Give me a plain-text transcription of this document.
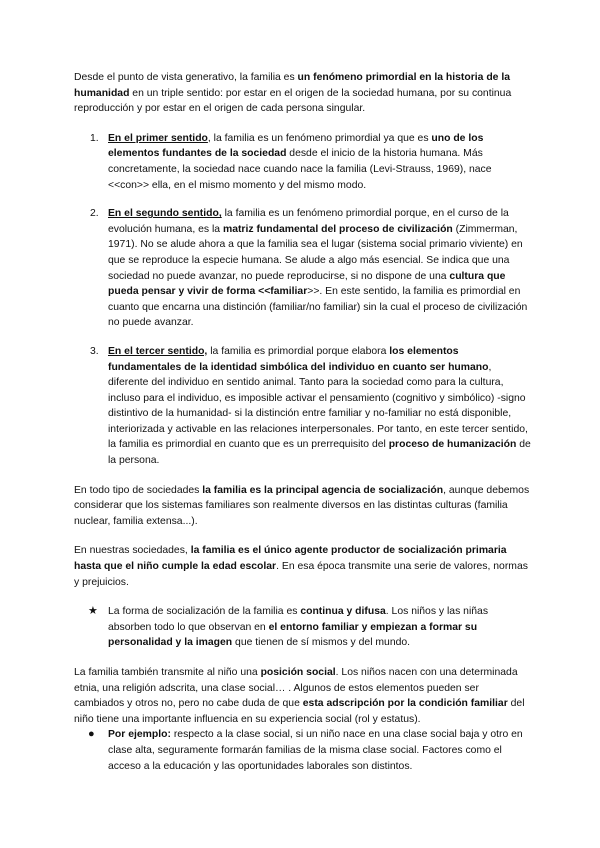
Desde el punto de vista generativo, la familia es un fenómeno primordial en la historia de la humanidad en un triple sentido: por estar en el origen de la sociedad humana, por su continua reproducción y por estar en el origen de cada persona singular.

1. En el primer sentido, la familia es un fenómeno primordial ya que es uno de los elementos fundantes de la sociedad desde el inicio de la historia humana. Más concretamente, la sociedad nace cuando nace la familia (Levi-Strauss, 1969), nace <<con>> ella, en el mismo momento y del mismo modo.

2. En el segundo sentido, la familia es un fenómeno primordial porque, en el curso de la evolución humana, es la matriz fundamental del proceso de civilización (Zimmerman, 1971). No se alude ahora a que la familia sea el lugar (sistema social primario viviente) en que se reproduce la especie humana. Se alude a algo más esencial. Se indica que una sociedad no puede avanzar, no puede reproducirse, si no dispone de una cultura que pueda pensar y vivir de forma <<familiar>>. En este sentido, la familia es primordial en cuanto que encarna una distinción (familiar/no familiar) sin la cual el proceso de civilización no puede avanzar.

3. En el tercer sentido, la familia es primordial porque elabora los elementos fundamentales de la identidad simbólica del individuo en cuanto ser humano, diferente del individuo en sentido animal. Tanto para la sociedad como para la cultura, incluso para el individuo, es imposible activar el pensamiento (cognitivo y simbólico) -signo distintivo de la humanidad- si la distinción entre familiar y no-familiar no está disponible, interiorizada y activable en las relaciones interpersonales. Por tanto, en este tercer sentido, la familia es primordial en cuanto que es un prerrequisito del proceso de humanización de la persona.

En todo tipo de sociedades la familia es la principal agencia de socialización, aunque debemos considerar que los sistemas familiares son realmente diversos en las distintas culturas (familia nuclear, familia extensa...).

En nuestras sociedades, la familia es el único agente productor de socialización primaria hasta que el niño cumple la edad escolar. En esa época transmite una serie de valores, normas y prejuicios.

★ La forma de socialización de la familia es continua y difusa. Los niños y las niñas absorben todo lo que observan en el entorno familiar y empiezan a formar su personalidad y la imagen que tienen de sí mismos y del mundo.

La familia también transmite al niño una posición social. Los niños nacen con una determinada etnia, una religión adscrita, una clase social… . Algunos de estos elementos pueden ser cambiados y otros no, pero no cabe duda de que esta adscripción por la condición familiar del niño tiene una importante influencia en su experiencia social (rol y estatus).

● Por ejemplo: respecto a la clase social, si un niño nace en una clase social baja y otro en clase alta, seguramente formarán familias de la misma clase social. Factores como el acceso a la educación y las oportunidades laborales son distintos.
